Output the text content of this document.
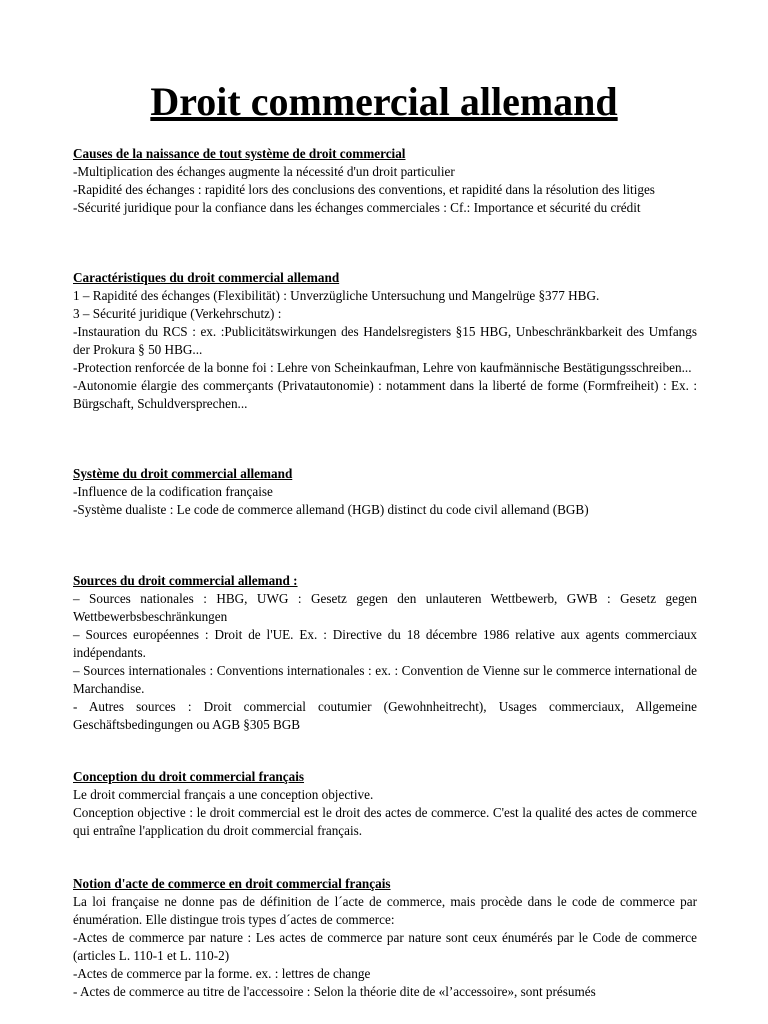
Droit commercial allemand

Causes de la naissance de tout système de droit commercial

-Multiplication des échanges augmente la nécessité d'un droit particulier

-Rapidité des échanges : rapidité lors des conclusions des conventions, et rapidité dans la résolution des litiges

-Sécurité juridique pour la confiance dans les échanges commerciales : Cf.: Importance et sécurité du crédit

Caractéristiques du droit commercial allemand

1 – Rapidité des échanges (Flexibilität) : Unverzügliche Untersuchung und Mangelrüge §377 HBG.

3 – Sécurité juridique (Verkehrschutz) :

-Instauration du RCS : ex. :Publicitätswirkungen des Handelsregisters §15 HBG, Unbeschränkbarkeit des Umfangs der Prokura § 50 HBG...

-Protection renforcée de la bonne foi : Lehre von Scheinkaufman, Lehre von kaufmännische Bestätigungsschreiben...

-Autonomie élargie des commerçants (Privatautonomie) : notamment dans la liberté de forme (Formfreiheit) : Ex. : Bürgschaft, Schuldversprechen...

Système du droit commercial allemand

-Influence de la codification française

-Système dualiste : Le code de commerce allemand (HGB) distinct du code civil allemand (BGB)

Sources du droit commercial allemand :

– Sources nationales : HBG, UWG : Gesetz gegen den unlauteren Wettbewerb, GWB : Gesetz gegen Wettbewerbsbeschränkungen

– Sources européennes : Droit de l'UE. Ex. : Directive du 18 décembre 1986 relative aux agents commerciaux indépendants.

– Sources internationales : Conventions internationales : ex. : Convention de Vienne sur le commerce international de Marchandise.

- Autres sources : Droit commercial coutumier (Gewohnheitrecht), Usages commerciaux, Allgemeine Geschäftsbedingungen ou AGB §305 BGB

Conception du droit commercial français

Le droit commercial français a une conception objective.

Conception objective : le droit commercial est le droit des actes de commerce. C'est la qualité des actes de commerce qui entraîne l'application du droit commercial français.

Notion d'acte de commerce en droit commercial français

La loi française ne donne pas de définition de l´acte de commerce, mais procède dans le code de commerce par énumération. Elle distingue trois types d´actes de commerce:

-Actes de commerce par nature : Les actes de commerce par nature sont ceux énumérés par le Code de commerce (articles L. 110-1 et L. 110-2)

-Actes de commerce par la forme. ex. : lettres de change

- Actes de commerce au titre de l'accessoire : Selon la théorie dite de «l’accessoire», sont présumés
